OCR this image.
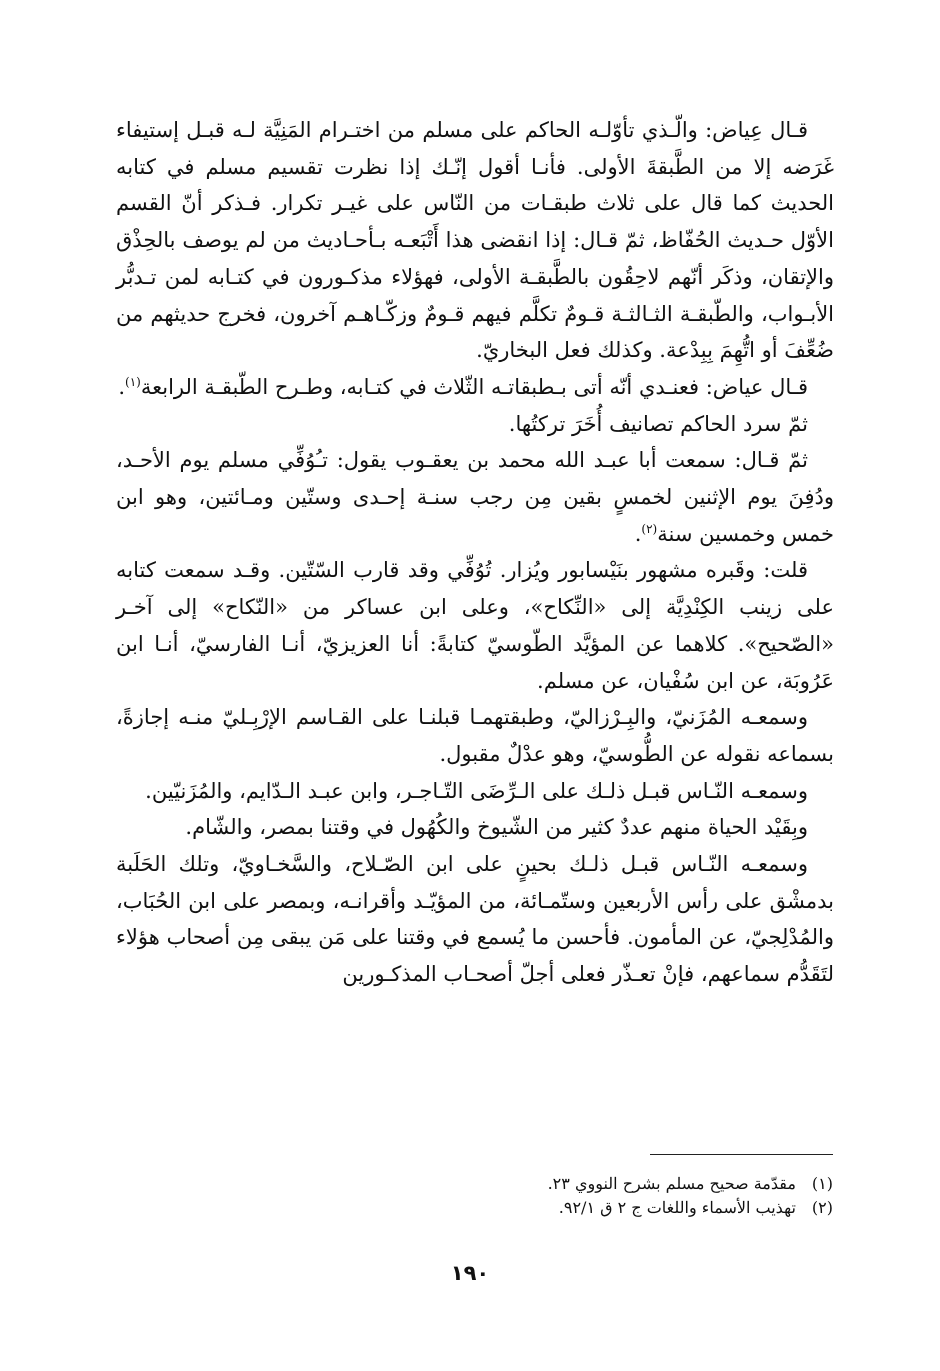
قـال عِياض: والّـذي تأوّلـه الحاكم على مسلم من اختـرام المَنِيَّة لـه قبـل إستيفاء غَرَضه إلا من الطَّبقةَ الأولى. فأنـا أقول إنّـك إذا نظرت تقسيم مسلم في كتابه الحديث كما قال على ثلاث طبقـات من النّاس على غيـر تكرار. فـذكر أنّ القسم الأوّل حـديث الحُفّاظ، ثمّ قـال: إذا انقضى هذا أَتْبَعـه بـأحـاديث من لم يوصف بالحِذْق والإتقان، وذكَر أنّهم لاحِقُون بالطَّبقـة الأولى، فهؤلاء مذكـورون في كتـابه لمن تـدبُّر الأبـواب، والطّبقـة الثـالثـة قـومٌ تكلَّم فيهم قـومٌ وزكّـاهـم آخرون، فخرج حديثهم من ضُعِّفَ أو اتُّهِمَ بِبِدْعة. وكذلك فعل البخاريّ.

قـال عياض: فعنـدي أنّه أتى بـطبقاتـه الثّلاث في كتـابه، وطـرح الطّبقـة الرابعة$^{(١)}$.

ثمّ سرد الحاكم تصانيف أُخَرَ تركتُها.

ثمّ قـال: سمعت أبا عبـد الله محمد بن يعقـوب يقول: تـُوُفِّي مسلم يوم الأحـد، ودُفِنَ يوم الإثنين لخمسٍ بقين مِن رجب سنـة إحـدى وستّين ومـائتين، وهو ابن خمس وخمسين سنة$^{(٢)}$.

قلت: وقَبره مشهور بنَيْسابور ويُزار. تُوُفِّي وقد قارب السّتّين. وقـد سمعت كتابه على زينب الكِنْدِيَّة إلى «النِّكاح»، وعلى ابن عساكر من «النّكاح» إلى آخـر «الصّحيح». كلاهما عن المؤيَّد الطّوسيّ كتابةً: أنا العزيزيّ، أنـا الفارسيّ، أنـا ابن عَرُوبَة، عن ابن سُفْيان، عن مسلم.

وسمعـه المُزَنيّ، والبِـرْزاليّ، وطبقتهمـا قبلنـا على القـاسم الإرْبِـليّ منـه إجازةً، بسماعه نقوله عن الطُّوسيّ، وهو عدْلٌ مقبول.

وسمعـه النّـاس قبـل ذلـك على الـرِّضَى التّـاجـر، وابن عبـد الـدّايم، والمُزَنيّين.

وبِقَيْد الحياة منهم عددٌ كثير من الشّيوخ والكُهُول في وقتنا بمصر، والشّام.

وسمعـه النّـاس قبـل ذلـك بحينٍ على ابن الصّـلاح، والسَّخـاويّ، وتلك الحَلَبة بدمشْق على رأس الأربعين وستّمـائة، من المؤيّـد وأقرانـه، وبمصر على ابن الحُبَاب، والمُدْلِجيّ، عن المأمون. فأحسن ما يُسمع في وقتنا على مَن يبقى مِن أصحاب هؤلاء لتَقَدُّم سماعهم، فإنْ تعـذّر فعلى أجلّ أصحـاب المذكـورين

(١)
مقدّمة صحيح مسلم بشرح النووي ٢٣.
(٢)
تهذيب الأسماء واللغات ج ٢ ق ٩٢/١.
١٩٠
